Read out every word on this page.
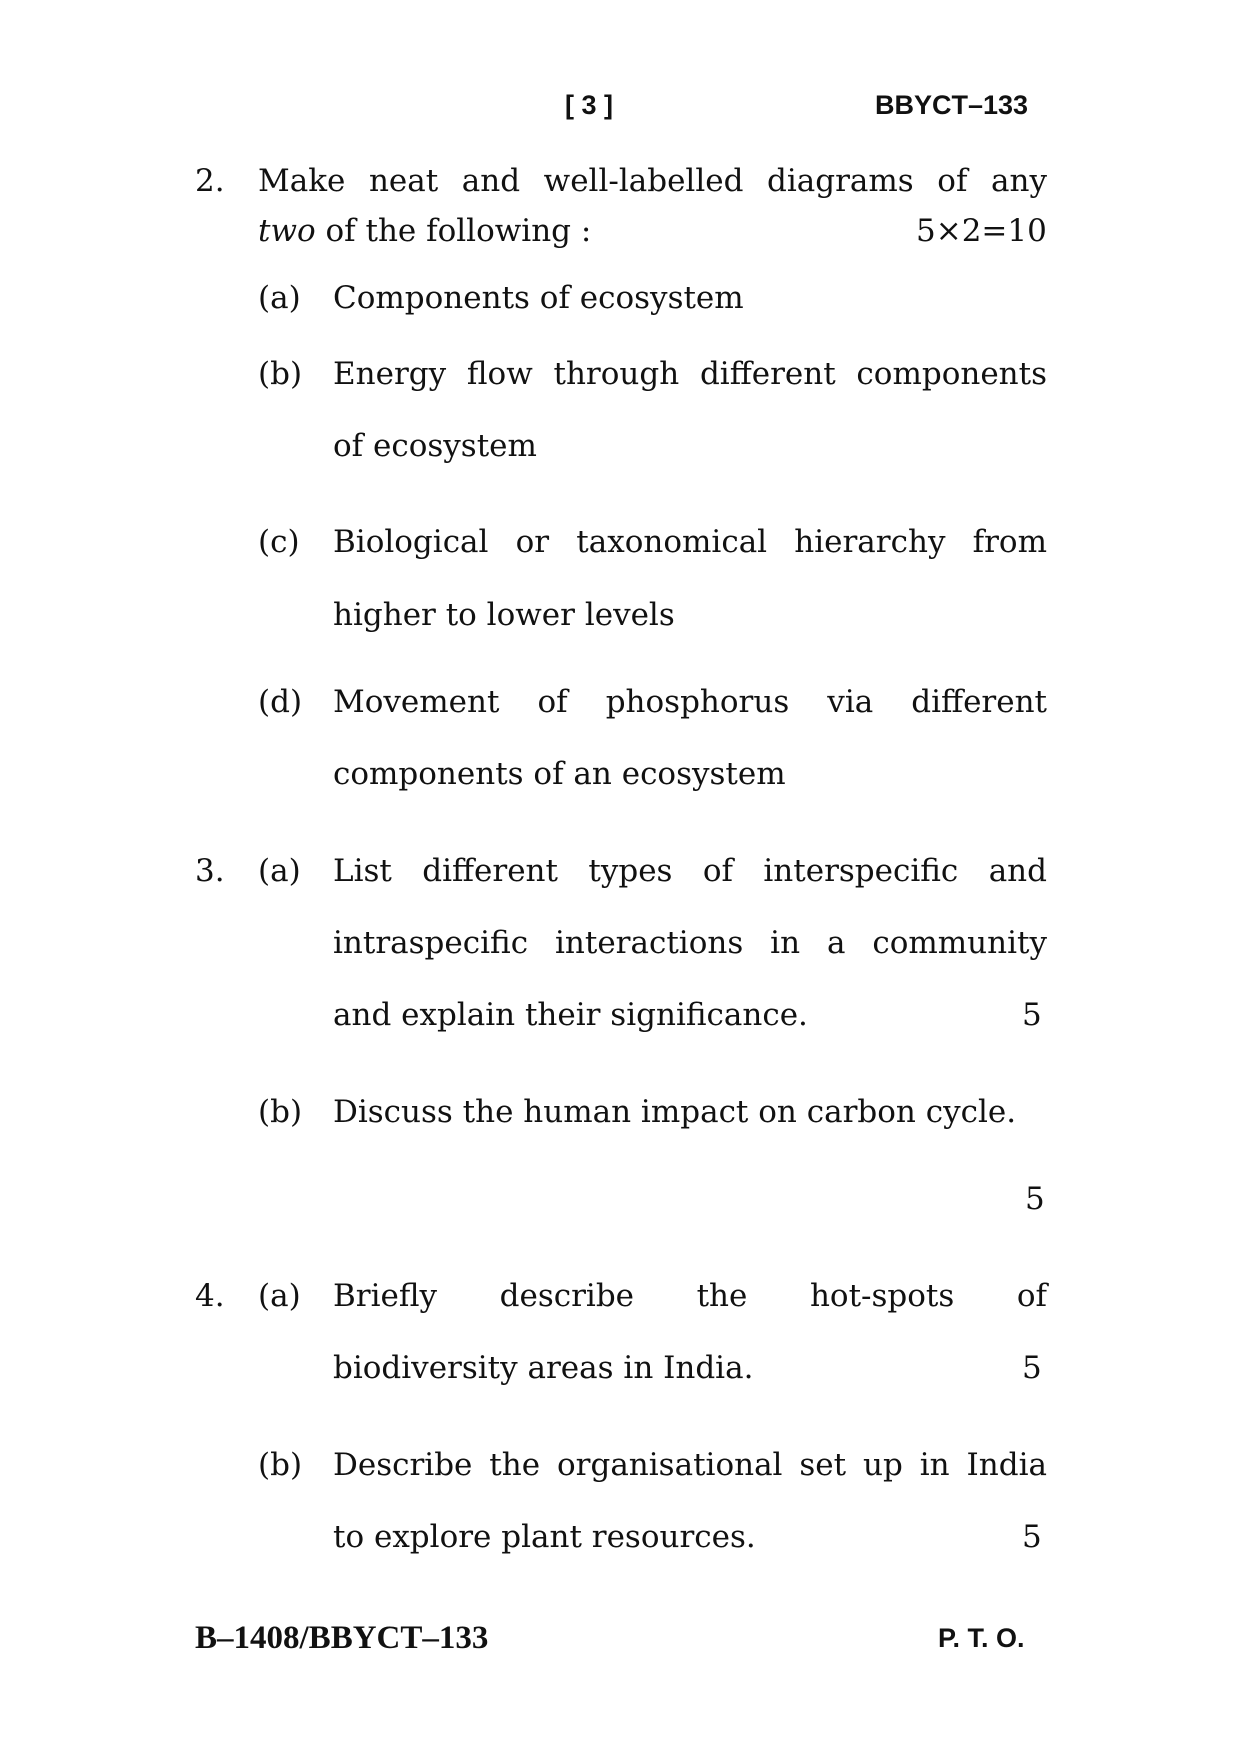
[ 3 ]	BBYCT–133
2. Make neat and well-labelled diagrams of any
two of the following :	5×2=10
(a) Components of ecosystem
(b) Energy flow through different components
of ecosystem
(c) Biological or taxonomical hierarchy from
higher to lower levels
(d) Movement of phosphorus via different
components of an ecosystem
3. (a) List different types of interspecific and
intraspecific interactions in a community
and explain their significance.	5
(b) Discuss the human impact on carbon cycle.
5
4. (a) Briefly describe the hot-spots of
biodiversity areas in India.	5
(b) Describe the organisational set up in India
to explore plant resources.	5
B–1408/BBYCT–133	P. T. O.
